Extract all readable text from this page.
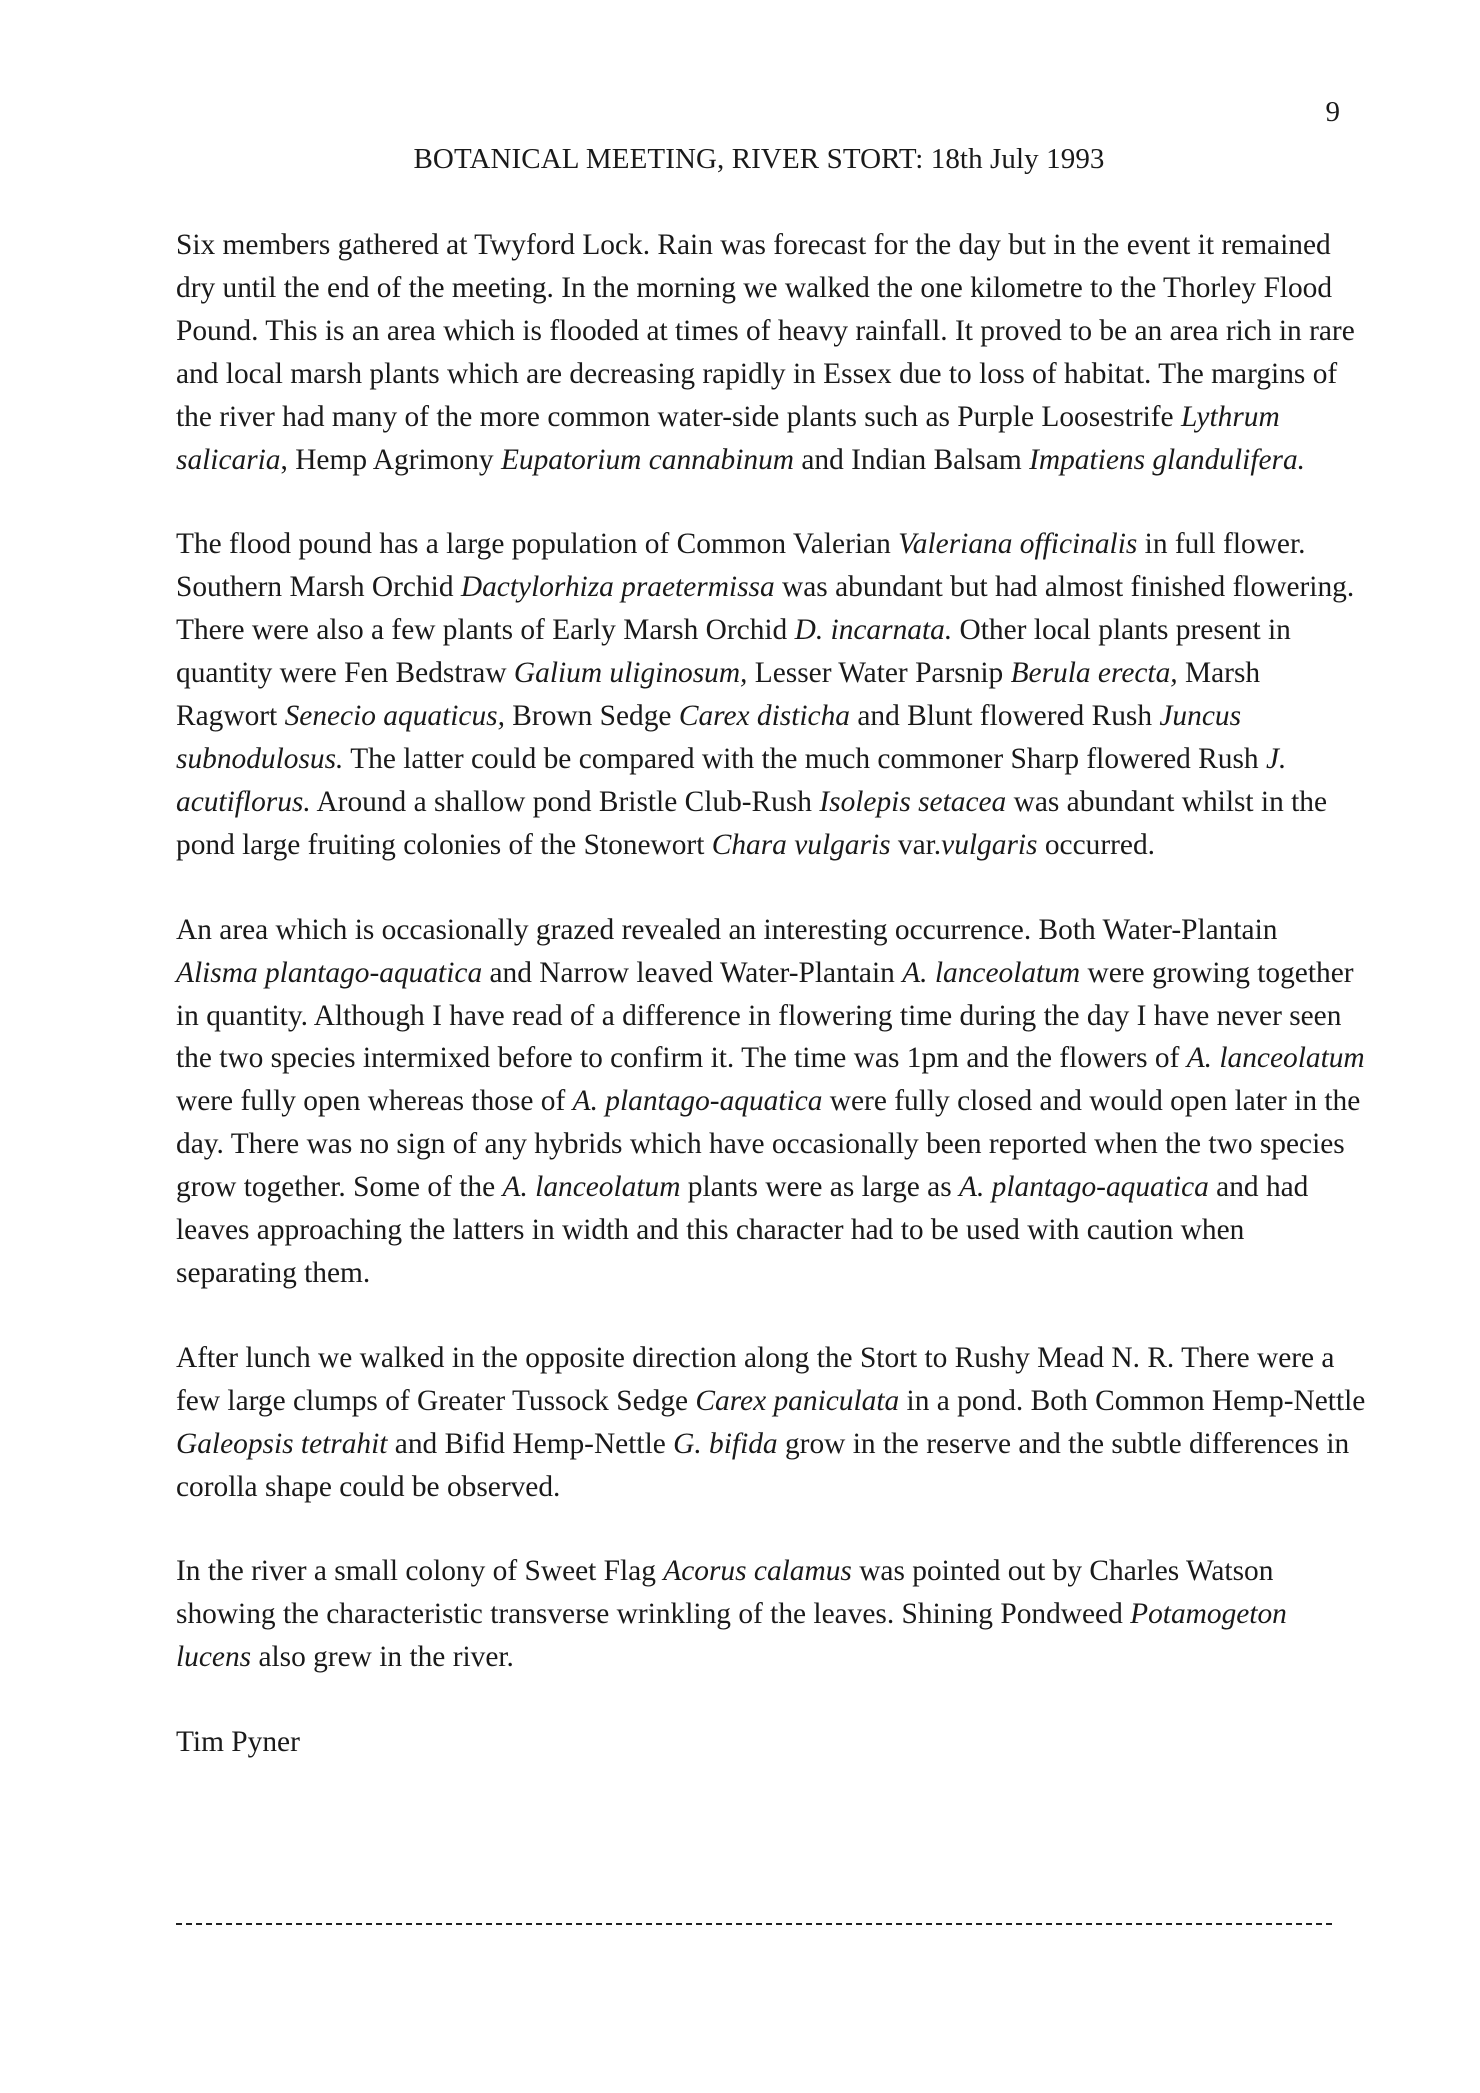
9
BOTANICAL MEETING, RIVER STORT: 18th July 1993

Six members gathered at Twyford Lock. Rain was forecast for the day but in the event it remained dry until the end of the meeting. In the morning we walked the one kilometre to the Thorley Flood Pound. This is an area which is flooded at times of heavy rainfall. It proved to be an area rich in rare and local marsh plants which are decreasing rapidly in Essex due to loss of habitat. The margins of the river had many of the more common water-side plants such as Purple Loosestrife Lythrum salicaria, Hemp Agrimony Eupatorium cannabinum and Indian Balsam Impatiens glandulifera.

The flood pound has a large population of Common Valerian Valeriana officinalis in full flower. Southern Marsh Orchid Dactylorhiza praetermissa was abundant but had almost finished flowering. There were also a few plants of Early Marsh Orchid D. incarnata. Other local plants present in quantity were Fen Bedstraw Galium uliginosum, Lesser Water Parsnip Berula erecta, Marsh Ragwort Senecio aquaticus, Brown Sedge Carex disticha and Blunt flowered Rush Juncus subnodulosus. The latter could be compared with the much commoner Sharp flowered Rush J. acutiflorus. Around a shallow pond Bristle Club-Rush Isolepis setacea was abundant whilst in the pond large fruiting colonies of the Stonewort Chara vulgaris var.vulgaris occurred.

An area which is occasionally grazed revealed an interesting occurrence. Both Water-Plantain Alisma plantago-aquatica and Narrow leaved Water-Plantain A. lanceolatum were growing together in quantity. Although I have read of a difference in flowering time during the day I have never seen the two species intermixed before to confirm it. The time was 1pm and the flowers of A. lanceolatum were fully open whereas those of A. plantago-aquatica were fully closed and would open later in the day. There was no sign of any hybrids which have occasionally been reported when the two species grow together. Some of the A. lanceolatum plants were as large as A. plantago-aquatica and had leaves approaching the latters in width and this character had to be used with caution when separating them.

After lunch we walked in the opposite direction along the Stort to Rushy Mead N. R. There were a few large clumps of Greater Tussock Sedge Carex paniculata in a pond. Both Common Hemp-Nettle Galeopsis tetrahit and Bifid Hemp-Nettle G. bifida grow in the reserve and the subtle differences in corolla shape could be observed.

In the river a small colony of Sweet Flag Acorus calamus was pointed out by Charles Watson showing the characteristic transverse wrinkling of the leaves. Shining Pondweed Potamogeton lucens also grew in the river.

Tim Pyner
